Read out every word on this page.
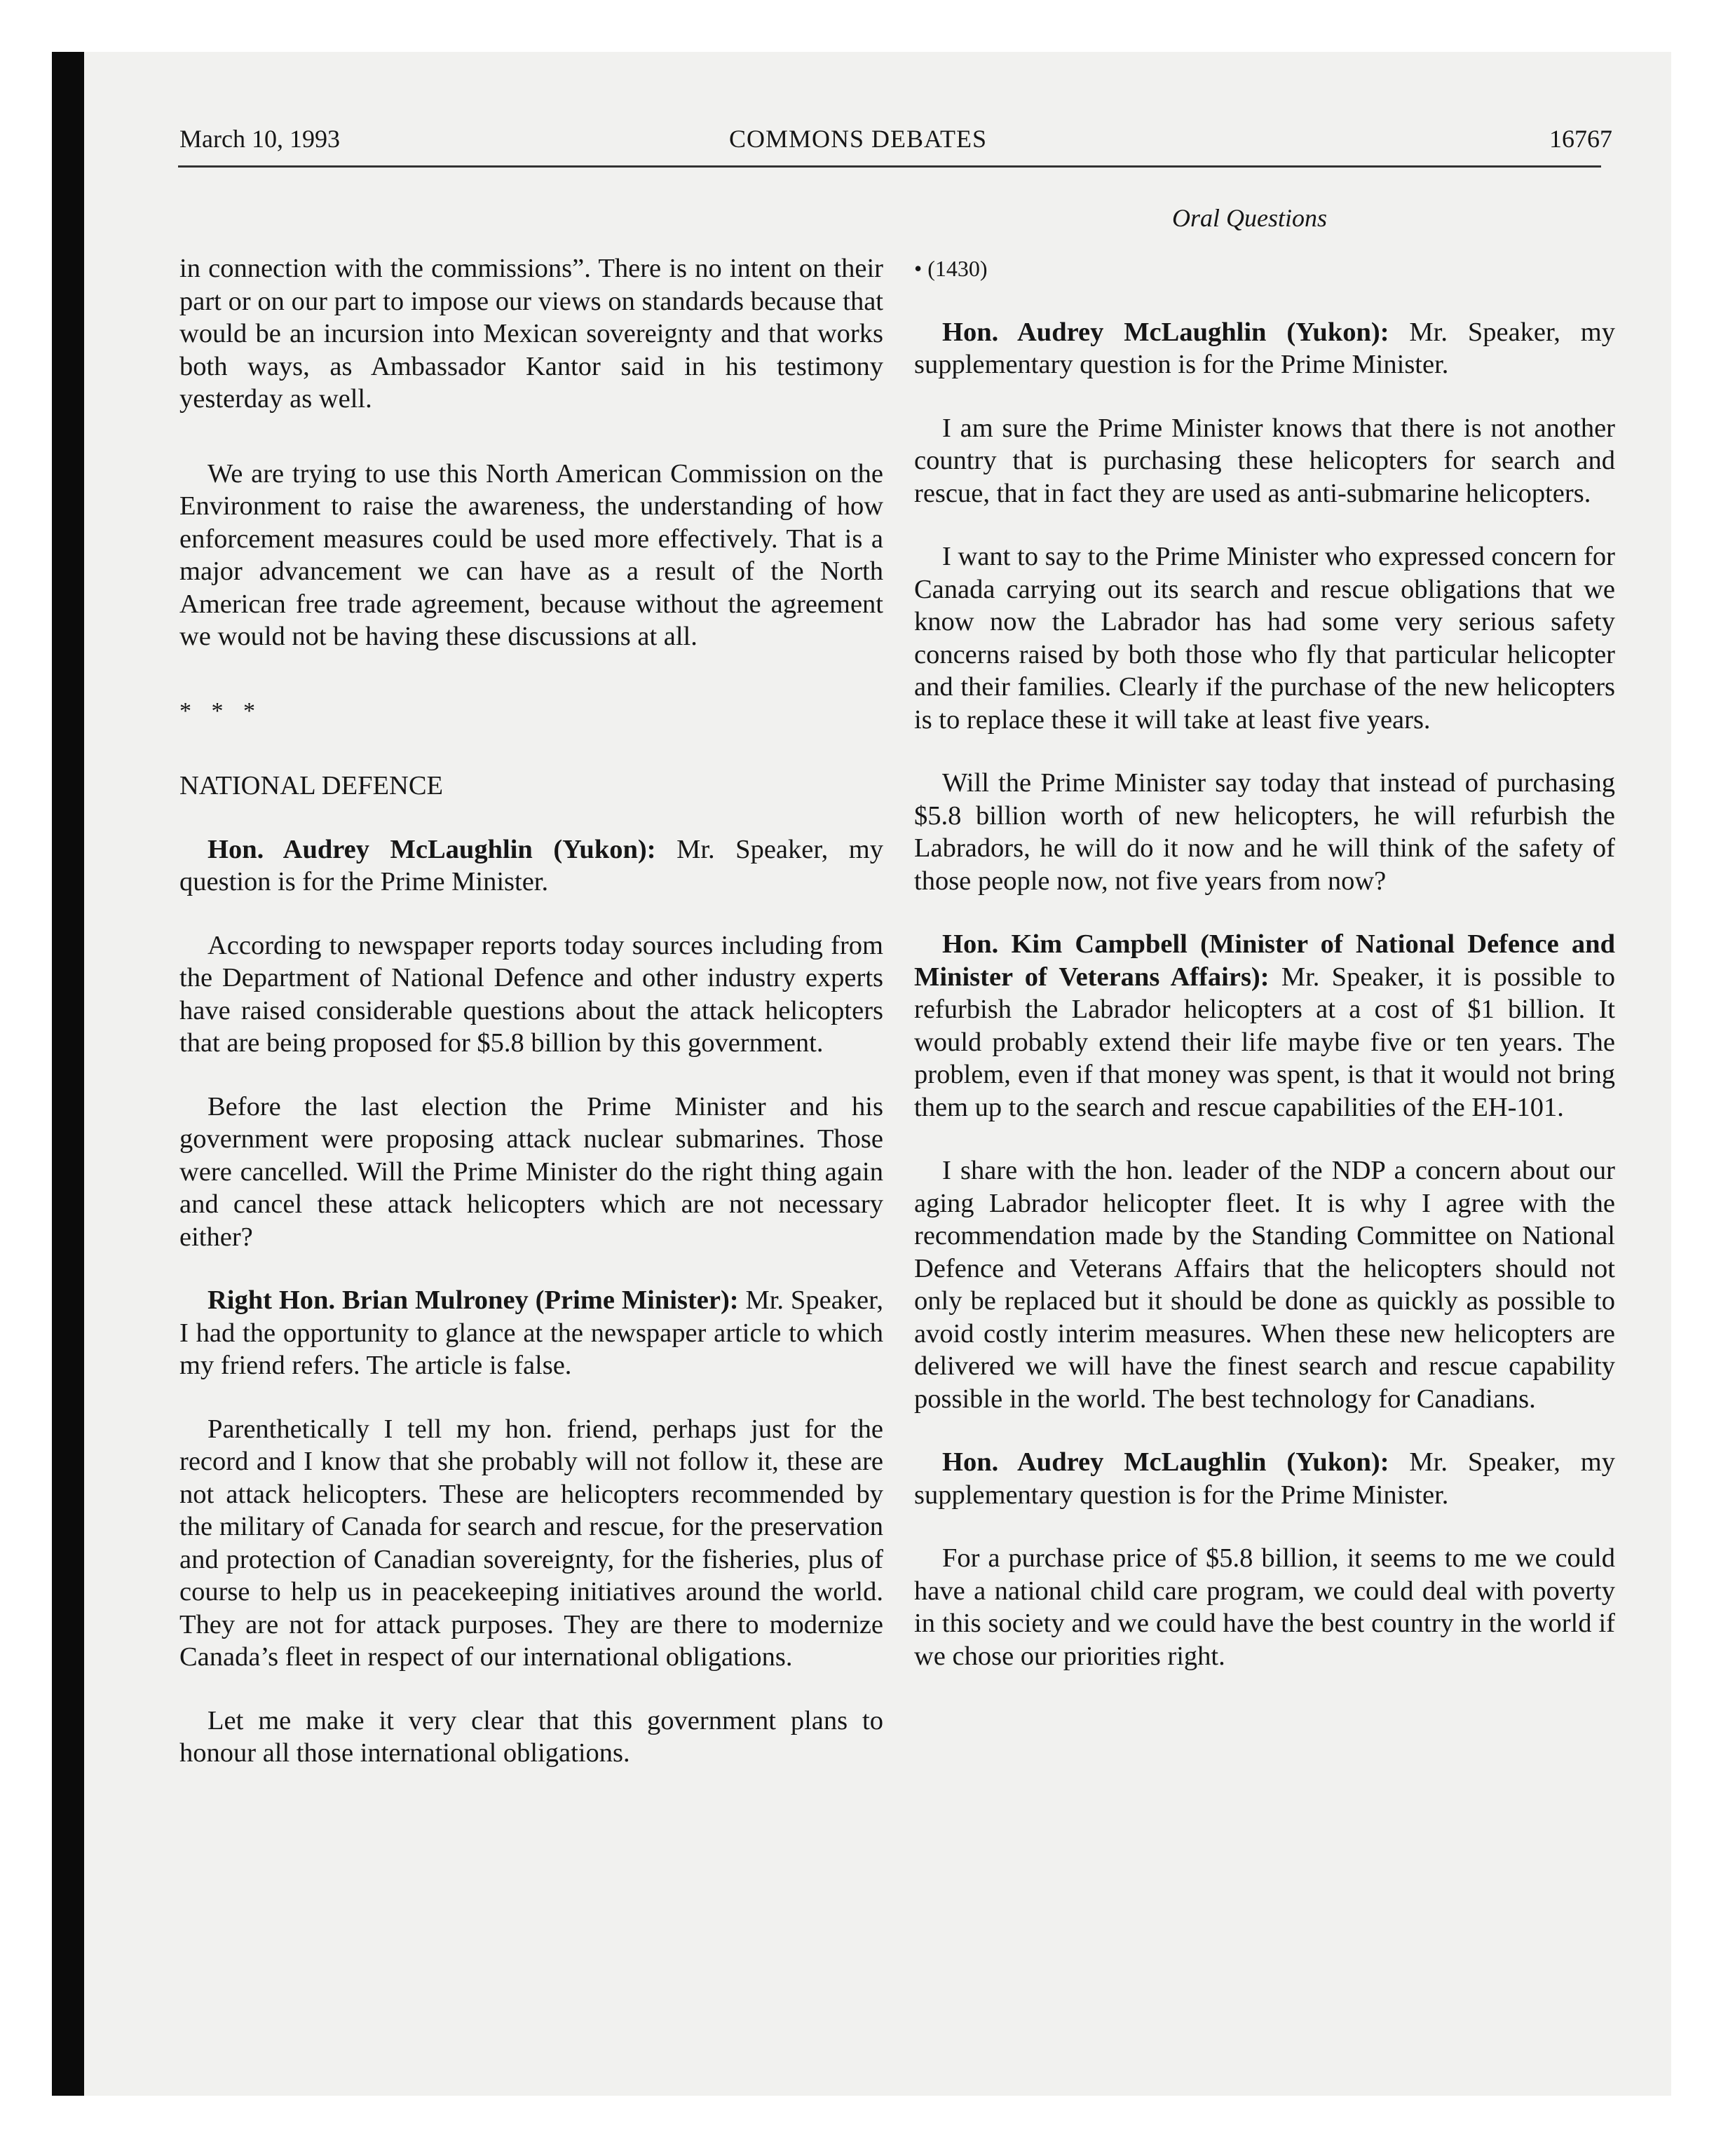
March 10, 1993	COMMONS DEBATES	16767
Oral Questions

in connection with the commissions”. There is no intent on their part or on our part to impose our views on standards because that would be an incursion into Mexican sovereignty and that works both ways, as Ambassador Kantor said in his testimony yesterday as well.

We are trying to use this North American Commission on the Environment to raise the awareness, the understanding of how enforcement measures could be used more effectively. That is a major advancement we can have as a result of the North American free trade agreement, because without the agreement we would not be having these discussions at all.

* * *

NATIONAL DEFENCE

Hon. Audrey McLaughlin (Yukon): Mr. Speaker, my question is for the Prime Minister.

According to newspaper reports today sources including from the Department of National Defence and other industry experts have raised considerable questions about the attack helicopters that are being proposed for $5.8 billion by this government.

Before the last election the Prime Minister and his government were proposing attack nuclear submarines. Those were cancelled. Will the Prime Minister do the right thing again and cancel these attack helicopters which are not necessary either?

Right Hon. Brian Mulroney (Prime Minister): Mr. Speaker, I had the opportunity to glance at the newspaper article to which my friend refers. The article is false.

Parenthetically I tell my hon. friend, perhaps just for the record and I know that she probably will not follow it, these are not attack helicopters. These are helicopters recommended by the military of Canada for search and rescue, for the preservation and protection of Canadian sovereignty, for the fisheries, plus of course to help us in peacekeeping initiatives around the world. They are not for attack purposes. They are there to modernize Canada’s fleet in respect of our international obligations.

Let me make it very clear that this government plans to honour all those international obligations.

• (1430)

Hon. Audrey McLaughlin (Yukon): Mr. Speaker, my supplementary question is for the Prime Minister.

I am sure the Prime Minister knows that there is not another country that is purchasing these helicopters for search and rescue, that in fact they are used as anti-submarine helicopters.

I want to say to the Prime Minister who expressed concern for Canada carrying out its search and rescue obligations that we know now the Labrador has had some very serious safety concerns raised by both those who fly that particular helicopter and their families. Clearly if the purchase of the new helicopters is to replace these it will take at least five years.

Will the Prime Minister say today that instead of purchasing $5.8 billion worth of new helicopters, he will refurbish the Labradors, he will do it now and he will think of the safety of those people now, not five years from now?

Hon. Kim Campbell (Minister of National Defence and Minister of Veterans Affairs): Mr. Speaker, it is possible to refurbish the Labrador helicopters at a cost of $1 billion. It would probably extend their life maybe five or ten years. The problem, even if that money was spent, is that it would not bring them up to the search and rescue capabilities of the EH-101.

I share with the hon. leader of the NDP a concern about our aging Labrador helicopter fleet. It is why I agree with the recommendation made by the Standing Committee on National Defence and Veterans Affairs that the helicopters should not only be replaced but it should be done as quickly as possible to avoid costly interim measures. When these new helicopters are delivered we will have the finest search and rescue capability possible in the world. The best technology for Canadians.

Hon. Audrey McLaughlin (Yukon): Mr. Speaker, my supplementary question is for the Prime Minister.

For a purchase price of $5.8 billion, it seems to me we could have a national child care program, we could deal with poverty in this society and we could have the best country in the world if we chose our priorities right.
